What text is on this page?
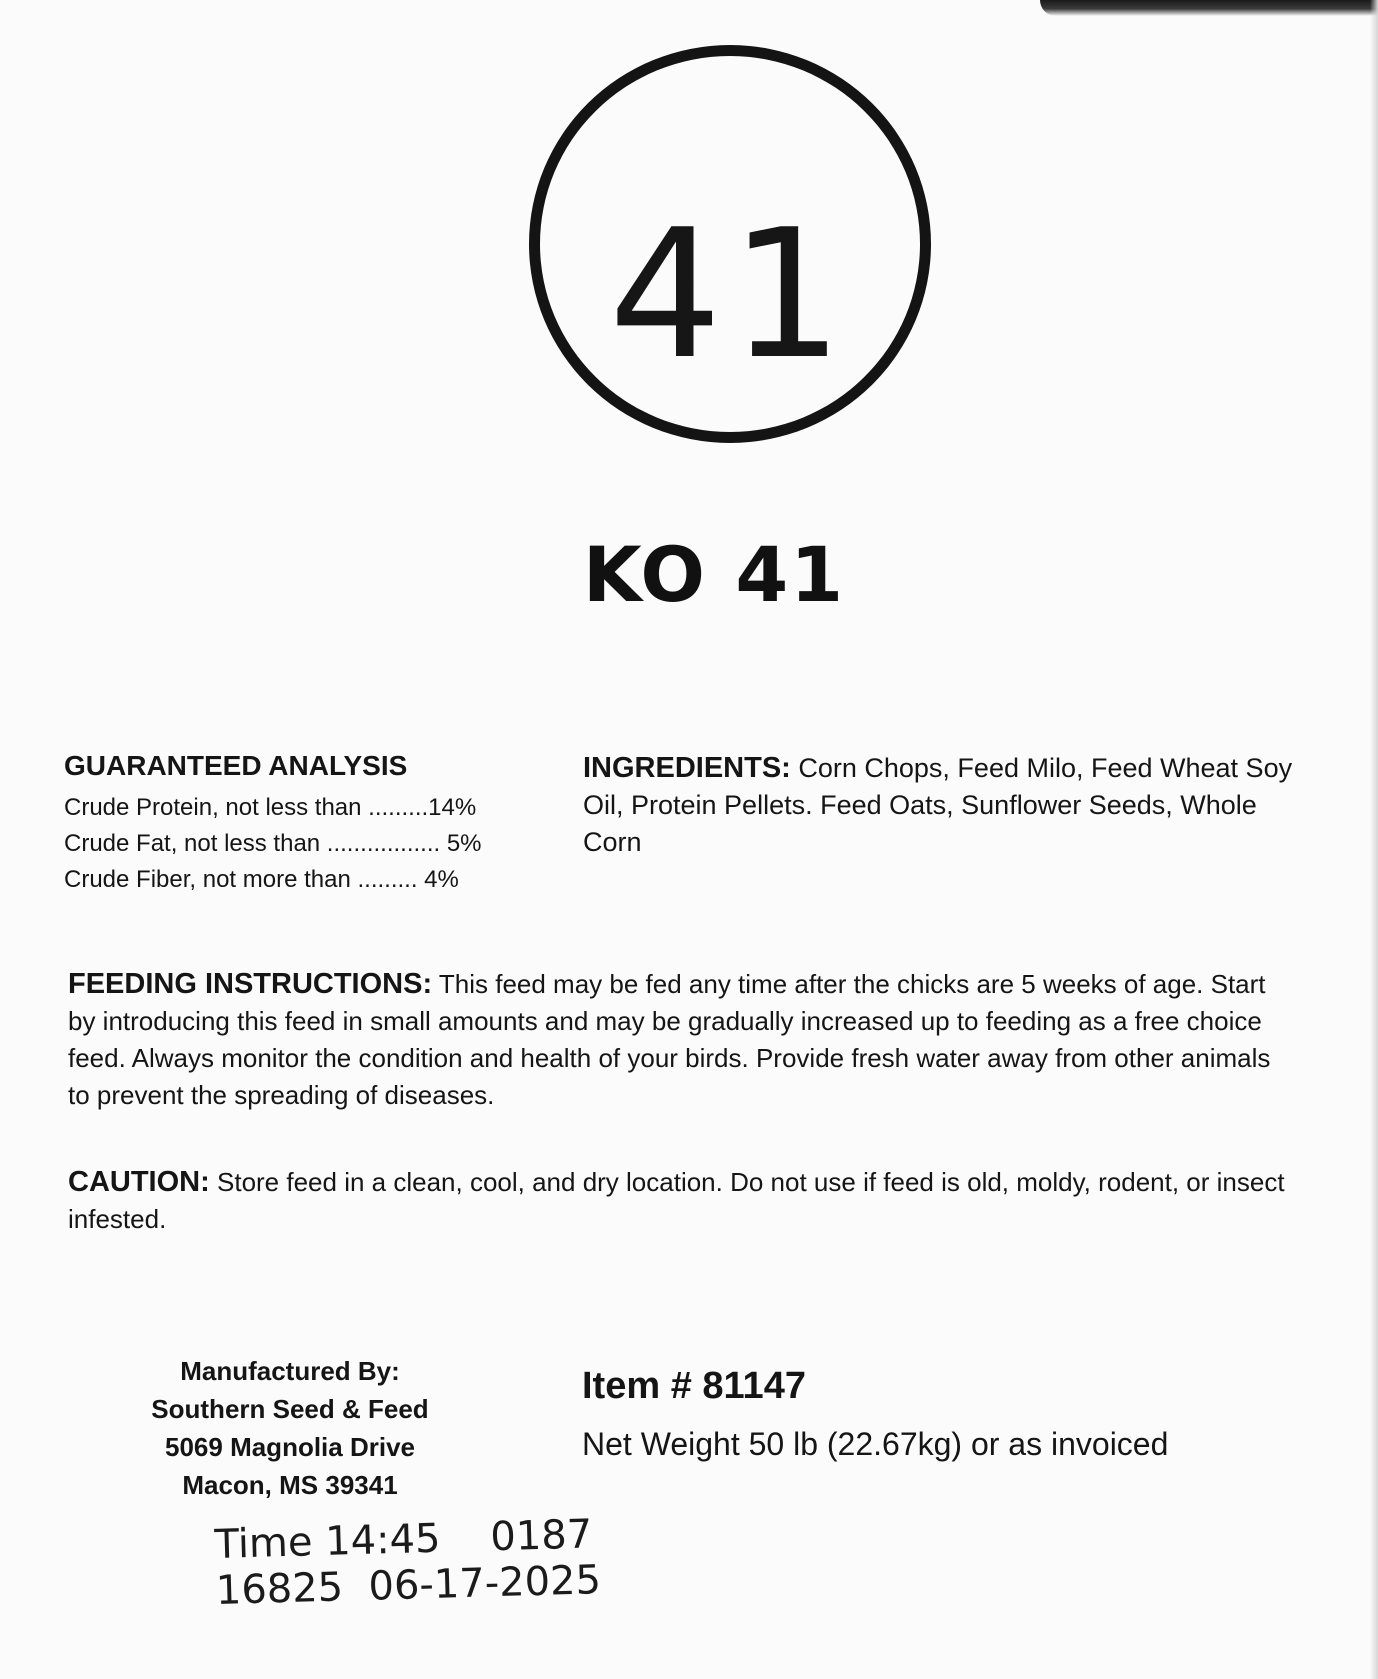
41
KO 41
GUARANTEED ANALYSIS
Crude Protein, not less than .........14%
Crude Fat, not less than ................. 5%
Crude Fiber, not more than ......... 4%
INGREDIENTS: Corn Chops, Feed Milo, Feed Wheat Soy Oil, Protein Pellets. Feed Oats, Sunflower Seeds, Whole Corn
FEEDING INSTRUCTIONS: This feed may be fed any time after the chicks are 5 weeks of age. Start by introducing this feed in small amounts and may be gradually increased up to feeding as a free choice feed. Always monitor the condition and health of your birds. Provide fresh water away from other animals to prevent the spreading of diseases.
CAUTION: Store feed in a clean, cool, and dry location. Do not use if feed is old, moldy, rodent, or insect infested.
Manufactured By:
Southern Seed & Feed
5069 Magnolia Drive
Macon, MS 39341
Item # 81147
Net Weight 50 lb (22.67kg) or as invoiced
Time 14:45 0187
16825 06-17-2025
